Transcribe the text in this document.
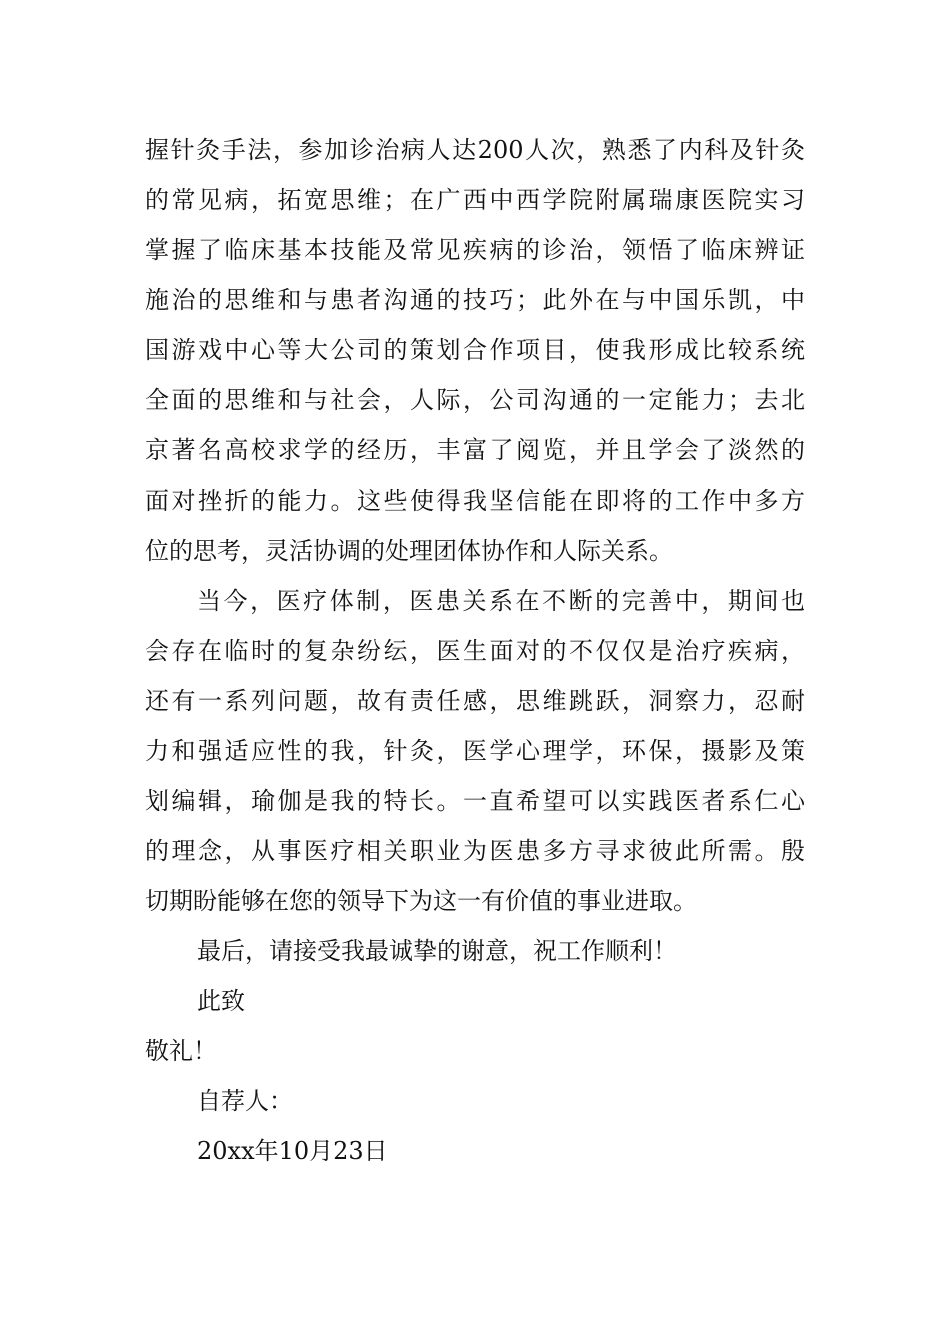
握针灸手法，参加诊治病人达200人次，熟悉了内科及针灸
的常见病，拓宽思维；在广西中西学院附属瑞康医院实习
掌握了临床基本技能及常见疾病的诊治，领悟了临床辨证
施治的思维和与患者沟通的技巧；此外在与中国乐凯，中
国游戏中心等大公司的策划合作项目，使我形成比较系统
全面的思维和与社会，人际，公司沟通的一定能力；去北
京著名高校求学的经历，丰富了阅览，并且学会了淡然的
面对挫折的能力。这些使得我坚信能在即将的工作中多方
位的思考，灵活协调的处理团体协作和人际关系。
当今，医疗体制，医患关系在不断的完善中，期间也
会存在临时的复杂纷纭，医生面对的不仅仅是治疗疾病，
还有一系列问题，故有责任感，思维跳跃，洞察力，忍耐
力和强适应性的我，针灸，医学心理学，环保，摄影及策
划编辑，瑜伽是我的特长。一直希望可以实践医者系仁心
的理念，从事医疗相关职业为医患多方寻求彼此所需。殷
切期盼能够在您的领导下为这一有价值的事业进取。
最后，请接受我最诚挚的谢意，祝工作顺利！
此致
敬礼！
自荐人：
20xx年10月23日
